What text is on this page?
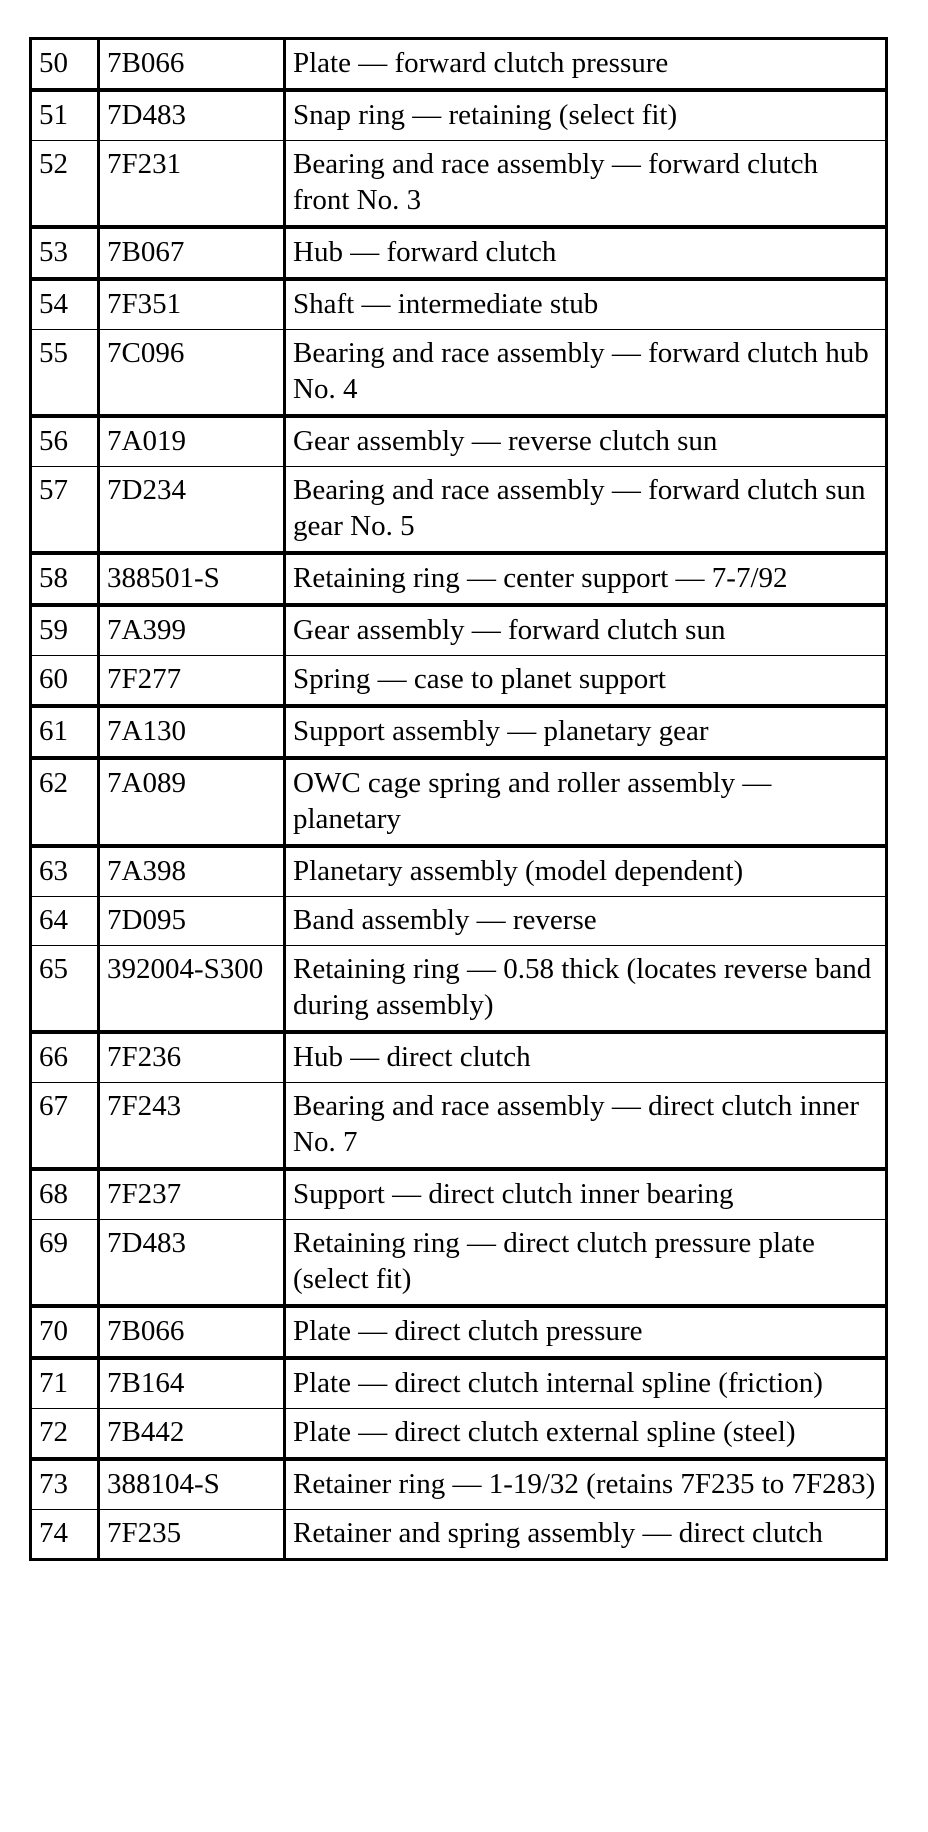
50	7B066	Plate — forward clutch pressure
51	7D483	Snap ring — retaining (select fit)
52	7F231	Bearing and race assembly — forward clutch front No. 3
53	7B067	Hub — forward clutch
54	7F351	Shaft — intermediate stub
55	7C096	Bearing and race assembly — forward clutch hub No. 4
56	7A019	Gear assembly — reverse clutch sun
57	7D234	Bearing and race assembly — forward clutch sun gear No. 5
58	388501-S	Retaining ring — center support — 7-7/92
59	7A399	Gear assembly — forward clutch sun
60	7F277	Spring — case to planet support
61	7A130	Support assembly — planetary gear
62	7A089	OWC cage spring and roller assembly — planetary
63	7A398	Planetary assembly (model dependent)
64	7D095	Band assembly — reverse
65	392004-S300	Retaining ring — 0.58 thick (locates reverse band during assembly)
66	7F236	Hub — direct clutch
67	7F243	Bearing and race assembly — direct clutch inner No. 7
68	7F237	Support — direct clutch inner bearing
69	7D483	Retaining ring — direct clutch pressure plate (select fit)
70	7B066	Plate — direct clutch pressure
71	7B164	Plate — direct clutch internal spline (friction)
72	7B442	Plate — direct clutch external spline (steel)
73	388104-S	Retainer ring — 1-19/32 (retains 7F235 to 7F283)
74	7F235	Retainer and spring assembly — direct clutch
